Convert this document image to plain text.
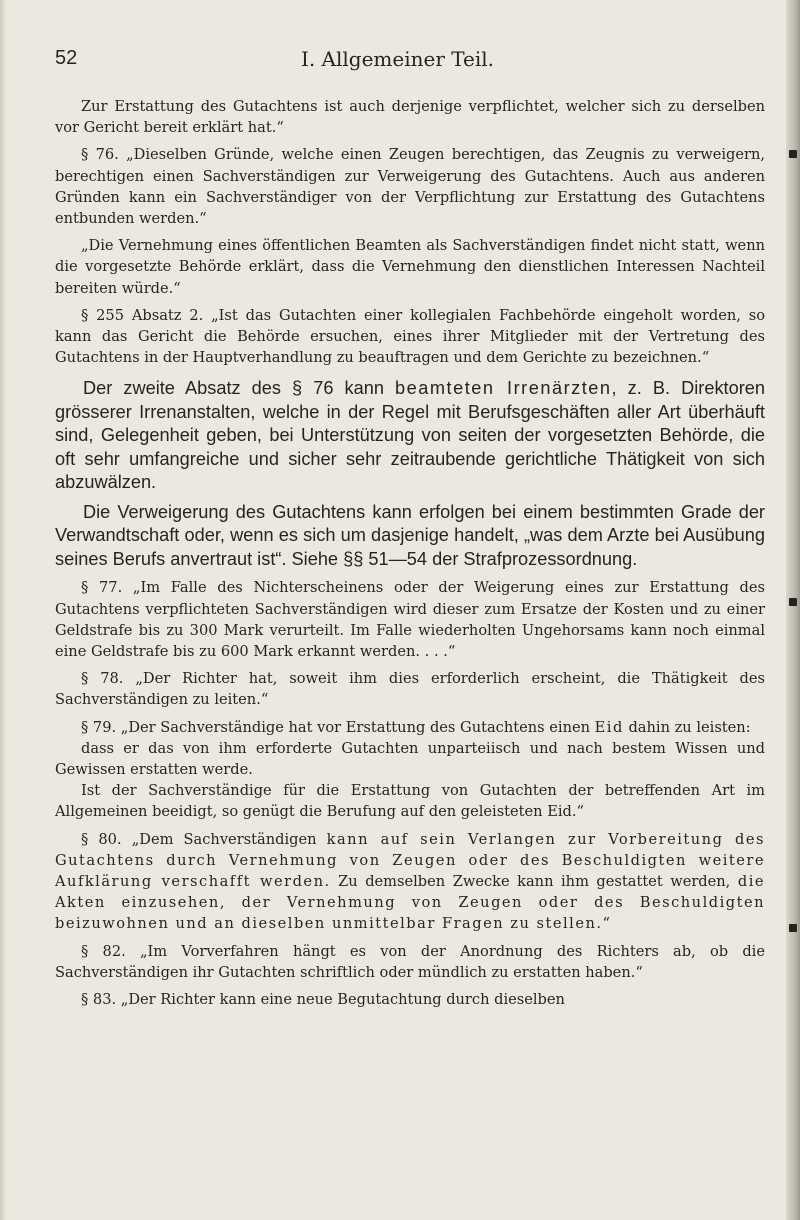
52	I. Allgemeiner Teil.

Zur Erstattung des Gutachtens ist auch derjenige verpflichtet, welcher sich zu derselben vor Gericht bereit erklärt hat.“

§ 76. „Dieselben Gründe, welche einen Zeugen berechtigen, das Zeugnis zu verweigern, berechtigen einen Sachverständigen zur Verweigerung des Gutachtens. Auch aus anderen Gründen kann ein Sachverständiger von der Verpflichtung zur Erstattung des Gutachtens entbunden werden.“

„Die Vernehmung eines öffentlichen Beamten als Sachverständigen findet nicht statt, wenn die vorgesetzte Behörde erklärt, dass die Vernehmung den dienstlichen Interessen Nachteil bereiten würde.“

§ 255 Absatz 2. „Ist das Gutachten einer kollegialen Fachbehörde eingeholt worden, so kann das Gericht die Behörde ersuchen, eines ihrer Mitglieder mit der Vertretung des Gutachtens in der Hauptverhandlung zu beauftragen und dem Gerichte zu bezeichnen.“

Der zweite Absatz des § 76 kann beamteten Irrenärzten, z. B. Direktoren grösserer Irrenanstalten, welche in der Regel mit Berufsgeschäften aller Art überhäuft sind, Gelegenheit geben, bei Unterstützung von seiten der vorgesetzten Behörde, die oft sehr umfangreiche und sicher sehr zeitraubende gerichtliche Thätigkeit von sich abzuwälzen.

Die Verweigerung des Gutachtens kann erfolgen bei einem bestimmten Grade der Verwandtschaft oder, wenn es sich um dasjenige handelt, „was dem Arzte bei Ausübung seines Berufs anvertraut ist“. Siehe §§ 51—54 der Strafprozessordnung.

§ 77. „Im Falle des Nichterscheinens oder der Weigerung eines zur Erstattung des Gutachtens verpflichteten Sachverständigen wird dieser zum Ersatze der Kosten und zu einer Geldstrafe bis zu 300 Mark verurteilt. Im Falle wiederholten Ungehorsams kann noch einmal eine Geldstrafe bis zu 600 Mark erkannt werden. . . .“

§ 78. „Der Richter hat, soweit ihm dies erforderlich erscheint, die Thätigkeit des Sachverständigen zu leiten.“

§ 79. „Der Sachverständige hat vor Erstattung des Gutachtens einen Eid dahin zu leisten:

dass er das von ihm erforderte Gutachten unparteiisch und nach bestem Wissen und Gewissen erstatten werde.

Ist der Sachverständige für die Erstattung von Gutachten der betreffenden Art im Allgemeinen beeidigt, so genügt die Berufung auf den geleisteten Eid.“

§ 80. „Dem Sachverständigen kann auf sein Verlangen zur Vorbereitung des Gutachtens durch Vernehmung von Zeugen oder des Beschuldigten weitere Aufklärung verschafft werden. Zu demselben Zwecke kann ihm gestattet werden, die Akten einzusehen, der Vernehmung von Zeugen oder des Beschuldigten beizuwohnen und an dieselben unmittelbar Fragen zu stellen.“

§ 82. „Im Vorverfahren hängt es von der Anordnung des Richters ab, ob die Sachverständigen ihr Gutachten schriftlich oder mündlich zu erstatten haben.“

§ 83. „Der Richter kann eine neue Begutachtung durch dieselben
